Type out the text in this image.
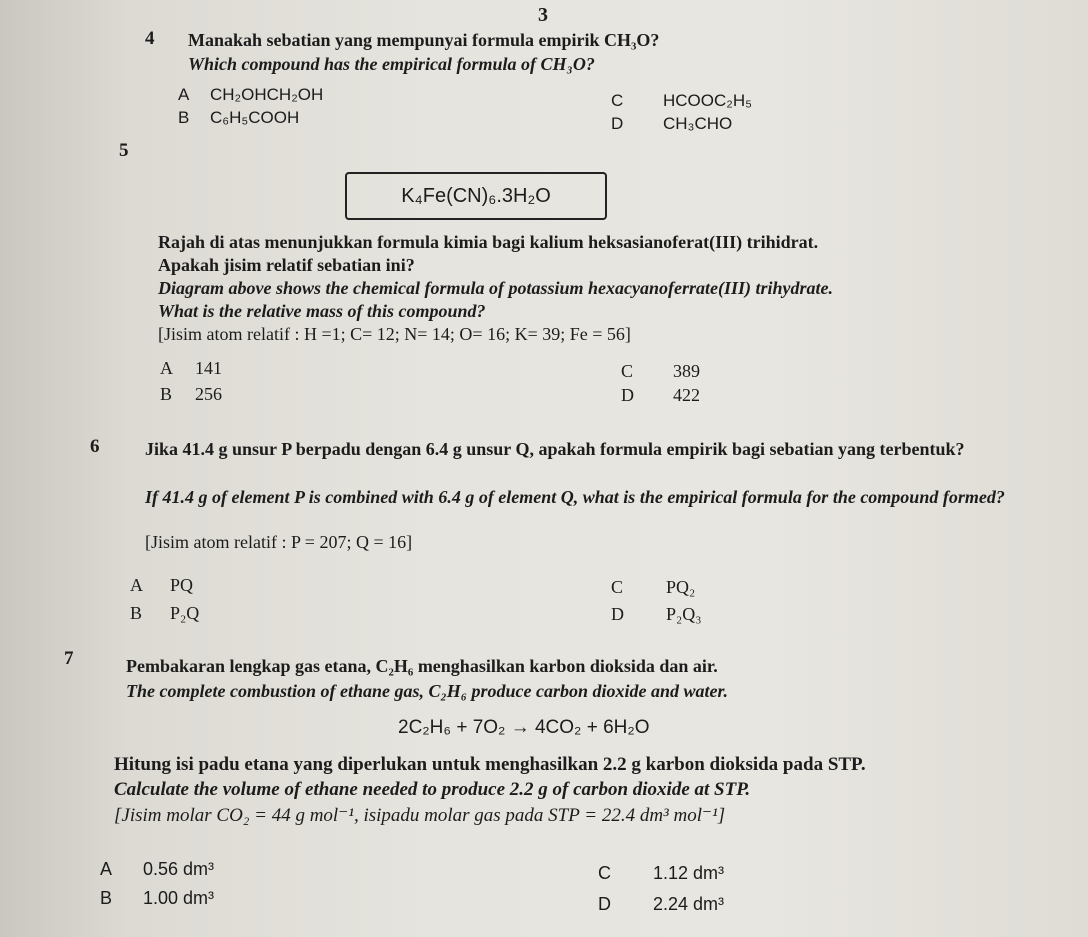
3
4 Manakah sebatian yang mempunyai formula empirik CH₃O?
Which compound has the empirical formula of CH₃O?
A CH₂OHCH₂OH
B C₆H₅COOH
C HCOOC₂H₅
D CH₃CHO
5
K₄Fe(CN)₆.3H₂O
Rajah di atas menunjukkan formula kimia bagi kalium heksasianoferat(III) trihidrat.
Apakah jisim relatif sebatian ini?
Diagram above shows the chemical formula of potassium hexacyanoferrate(III) trihydrate.
What is the relative mass of this compound?
[Jisim atom relatif : H =1; C= 12; N= 14; O= 16; K= 39; Fe = 56]
A 141
B 256
C 389
D 422
6	Jika 41.4 g unsur P berpadu dengan 6.4 g unsur Q, apakah formula empirik bagi sebatian yang terbentuk?
If 41.4 g of element P is combined with 6.4 g of element Q, what is the empirical formula for the compound formed?
[Jisim atom relatif : P = 207; Q = 16]
A PQ
B P₂Q
C PQ₂
D P₂Q₃
7	Pembakaran lengkap gas etana, C₂H₆ menghasilkan karbon dioksida dan air.
The complete combustion of ethane gas, C₂H₆ produce carbon dioxide and water.
2C₂H₆ + 7O₂ → 4CO₂ + 6H₂O
Hitung isi padu etana yang diperlukan untuk menghasilkan 2.2 g karbon dioksida pada STP.
Calculate the volume of ethane needed to produce 2.2 g of carbon dioxide at STP.
[Jisim molar CO₂ = 44 g mol⁻¹, isipadu molar gas pada STP = 22.4 dm³ mol⁻¹]
A 0.56 dm³
B 1.00 dm³
C 1.12 dm³
D 2.24 dm³
